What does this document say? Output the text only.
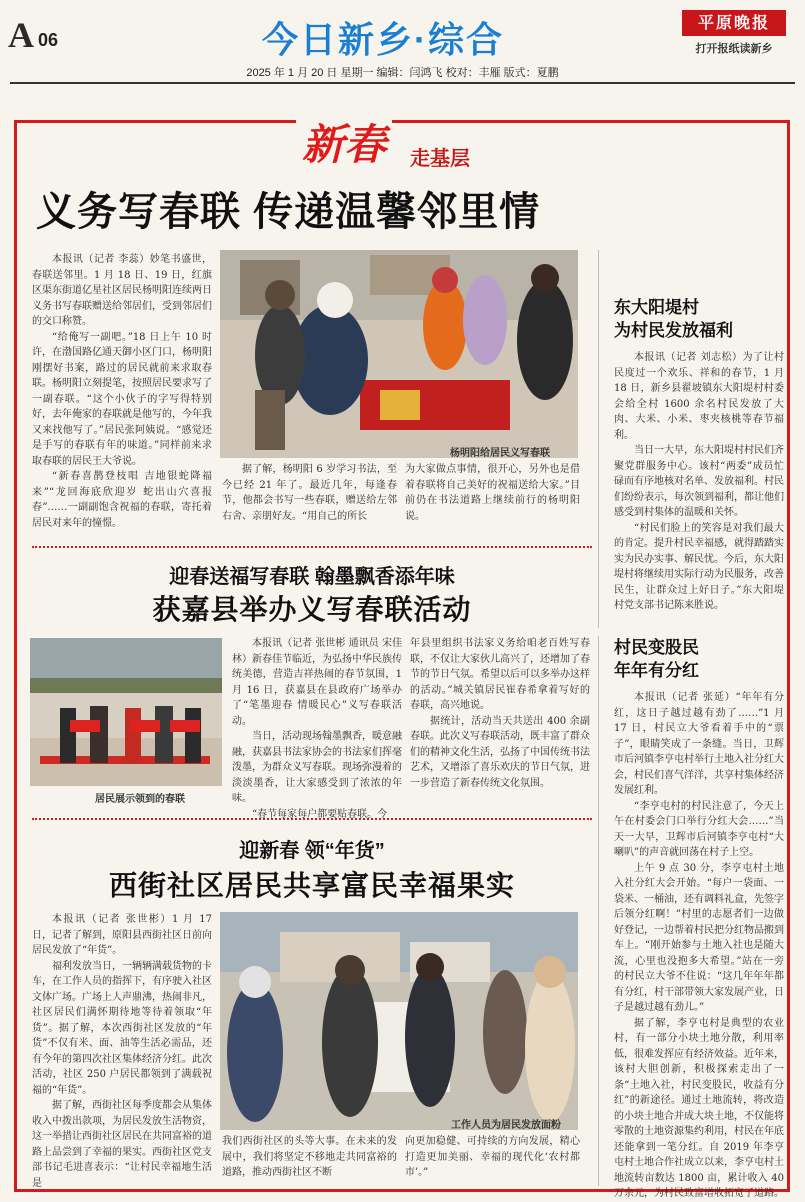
A 06	今日新乡·综合	平原晚报
打开报纸读新乡
2025 年 1 月 20 日 星期一 编辑：闫鸿飞 校对：丰雁 版式：夏鹏
新春	走基层
义务写春联 传递温馨邻里情

本报讯（记者 李蕊）妙笔书盛世，春联送邻里。1 月 18 日、19 日，红旗区渠东街道亿星社区居民杨明阳连续两日义务书写春联赠送给邻居们，受到邻居们的交口称赞。

“给俺写一副吧。”18 日上午 10 时许，在渤国路亿通天御小区门口，杨明阳刚摆好书案，路过的居民就前来求取春联。杨明阳立刻提笔，按照居民要求写了一副春联。“这个小伙子的字写得特别好，去年俺家的春联就是他写的，今年我又来找他写了。”居民张阿姨说。“感觉还是手写的春联有年的味道。”同样前来求取春联的居民王大爷说。

“新春喜鹊登枝唱 吉地银蛇降福来”“龙回海底欣迎岁 蛇出山穴喜报春”……一副副饱含祝福的春联，寄托着居民对来年的憧憬。

杨明阳给居民义写春联

据了解，杨明阳 6 岁学习书法，至今已经 21 年了。最近几年，每逢春节，他都会书写一些春联，赠送给左邻右舍、亲朋好友。“用自己的所长

为大家做点事情，很开心，另外也是借着春联将自己美好的祝福送给大家。”目前仍在书法道路上继续前行的杨明阳说。

东大阳堤村
为村民发放福利

本报讯（记者 刘志松）为了让村民度过一个欢乐、祥和的春节，1 月 18 日，新乡县翟坡镇东大阳堤村村委会给全村 1600 余名村民发放了大肉、大米、小米、枣夹核桃等春节福利。

当日一大早，东大阳堤村村民们齐聚党群服务中心。该村“两委”成员忙碌而有序地核对名单、发放福利。村民们纷纷表示，每次领到福利，都让他们感受到村集体的温暖和关怀。

“村民们脸上的笑容是对我们最大的肯定。提升村民幸福感，就得踏踏实实为民办实事、解民忧。今后，东大阳堤村将继续用实际行动为民服务，改善民生，让群众过上好日子。”东大阳堤村党支部书记陈来胜说。

迎春送福写春联 翰墨飘香添年味
获嘉县举办义写春联活动
居民展示领到的春联

本报讯（记者 张世彬 通讯员 宋佳林）新春佳节临近，为弘扬中华民族传统美德，营造吉祥热闹的春节氛围，1 月 16 日，获嘉县在县政府广场举办了“笔墨迎春 情暖民心”义写春联活动。

当日，活动现场翰墨飘香，暖意融融，获嘉县书法家协会的书法家们挥毫泼墨，为群众义写春联。现场弥漫着的淡淡墨香，让大家感受到了浓浓的年味。

“春节每家每户都要贴春联。今

年县里组织书法家义务给咱老百姓写春联，不仅让大家伙儿高兴了，还增加了春节的节日气氛。希望以后可以多举办这样的活动。”城关镇居民崔春希拿着写好的春联，高兴地说。

据统计，活动当天共送出 400 余副春联。此次义写春联活动，既丰富了群众们的精神文化生活，弘扬了中国传统书法艺术，又增添了喜乐欢庆的节日气氛，进一步营造了新春传统文化氛围。

村民变股民
年年有分红

本报讯（记者 张延）“年年有分红，这日子越过越有劲了……”1 月 17 日，村民立大爷看着手中的“票子”，眼睛笑成了一条缝。当日，卫辉市后河镇李亨屯村举行土地入社分红大会，村民们喜气洋洋，共享村集体经济发展红利。

“李亨屯村的村民注意了，今天上午在村委会门口举行分红大会……”当天一大早，卫辉市后河镇李亨屯村“大喇叭”的声音就回荡在村子上空。

上午 9 点 30 分，李亨屯村土地入社分红大会开始。“每户一袋面、一袋米、一桶油，还有调料礼盒，先签字后领分红啊！”村里的志愿者们一边做好登记，一边帮着村民把分红物品搬到车上。“刚开始参与土地入社也是随大流，心里也没抱多大希望。”站在一旁的村民立大爷不住说：“这几年年年都有分红，村干部带领大家发展产业，日子是越过越有劲儿。”

据了解，李亨屯村是典型的农业村，有一部分小块土地分散，利用率低，很难发挥应有经济效益。近年来，该村大胆创新，积极探索走出了一条“土地入社，村民变股民，收益有分红”的新途径。通过土地流转，将改造的小块土地合并成大块土地，不仅能将零散的土地资源集约利用，村民在年底还能拿到一笔分红。自 2019 年李亨屯村土地合作社成立以来，李亨屯村土地流转亩数达 1800 亩，累计收入 40 万余元，为村民致富增收拓宽了道路。

迎新春 领“年货”
西街社区居民共享富民幸福果实

本报讯（记者 张世彬）1 月 17 日，记者了解到，原阳县西街社区日前向居民发放了“年货”。

福利发放当日，一辆辆满载货物的卡车，在工作人员的指挥下，有序驶入社区文体广场。广场上人声鼎沸，热闹非凡，社区居民们满怀期待地等待着领取“年货”。据了解，本次西街社区发放的“年货”不仅有米、面、油等生活必需品，还有今年的第四次社区集体经济分红。此次活动，社区 250 户居民都领到了满载祝福的“年货”。

据了解，西街社区每季度都会从集体收入中拨出款项，为居民发放生活物资，这一举措让西街社区居民在共同富裕的道路上品尝到了幸福的果实。西街社区党支部书记毛进喜表示：“让村民幸福地生活是

工作人员为居民发放面粉

我们西街社区的头等大事。在未来的发展中，我们将坚定不移地走共同富裕的道路，推动西街社区不断

向更加稳健、可持续的方向发展，精心打造更加美丽、幸福的现代化‘农村都市’。”
